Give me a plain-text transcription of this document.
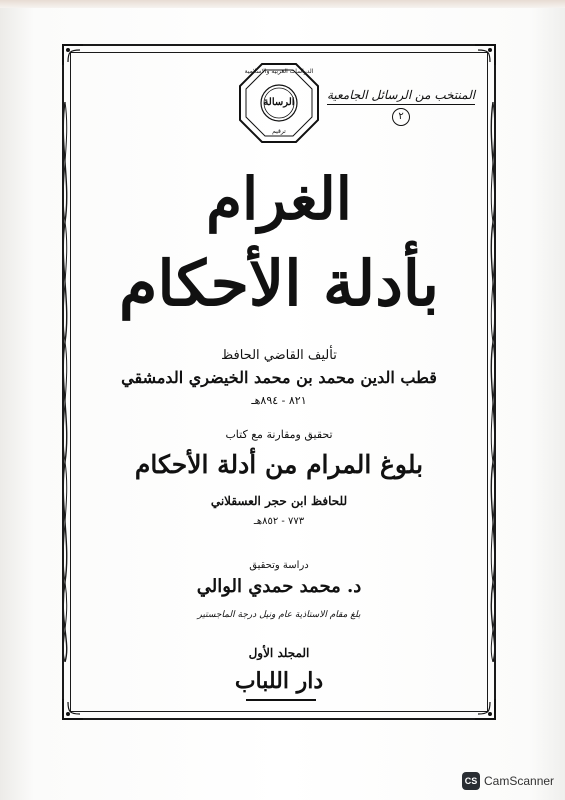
المنتخب من الرسائل الجامعية
٢
الدراسات العربية والاسلامية
الرسالة
ترقيم
الغرام
بأدلة الأحكام
تأليف القاضي الحافظ
قطب الدين محمد بن محمد الخيضري الدمشقي
٨٢١ - ٨٩٤هـ
تحقيق ومقارنة مع كتاب
بلوغ المرام من أدلة الأحكام
للحافظ ابن حجر العسقلاني
٧٧٣ - ٨٥٢هـ
دراسة وتحقيق
د. محمد حمدي الوالي
بلغ مقام الاستاذية عام ونيل درجة الماجستير
المجلد الأول
دار اللباب
CS CamScanner
